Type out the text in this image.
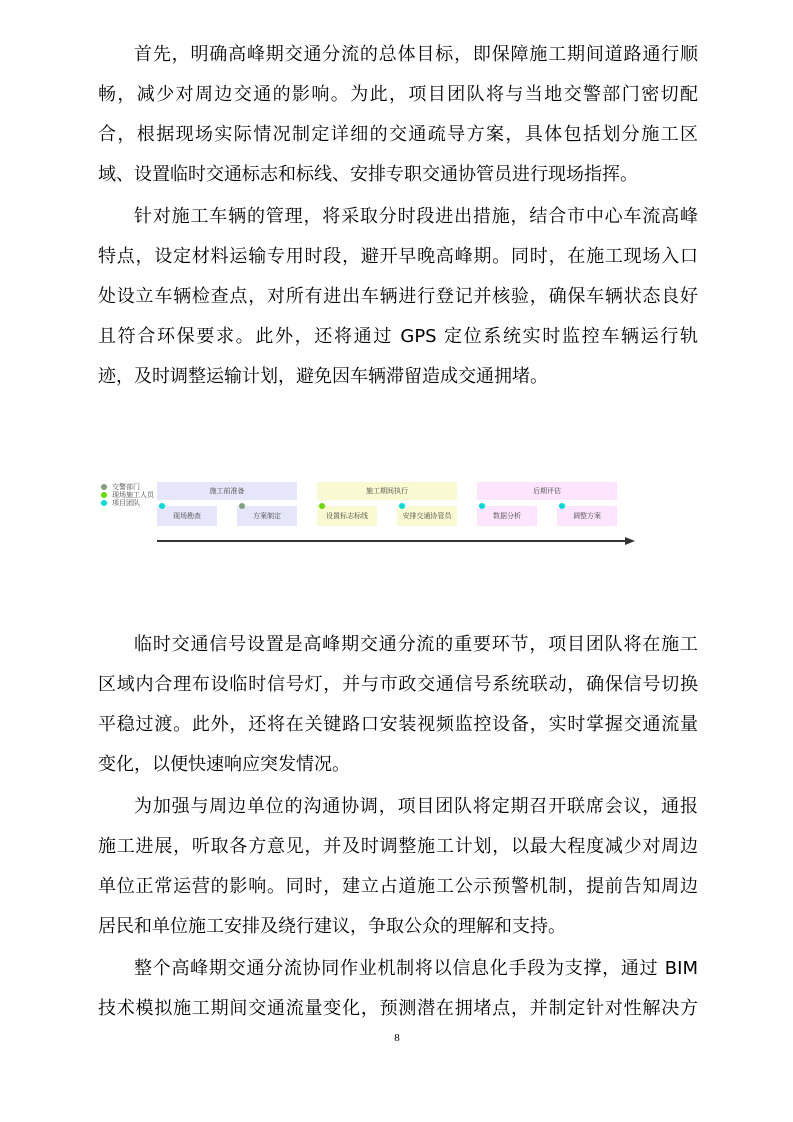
首先，明确高峰期交通分流的总体目标，即保障施工期间道路通行顺
畅，减少对周边交通的影响。为此，项目团队将与当地交警部门密切配
合，根据现场实际情况制定详细的交通疏导方案，具体包括划分施工区
域、设置临时交通标志和标线、安排专职交通协管员进行现场指挥。
针对施工车辆的管理，将采取分时段进出措施，结合市中心车流高峰
特点，设定材料运输专用时段，避开早晚高峰期。同时，在施工现场入口
处设立车辆检查点，对所有进出车辆进行登记并核验，确保车辆状态良好
且符合环保要求。此外，还将通过 GPS 定位系统实时监控车辆运行轨
迹，及时调整运输计划，避免因车辆滞留造成交通拥堵。
交警部门
现场施工人员
项目团队
施工前准备
现场勘查	方案制定
施工期间执行
设置标志标线	安排交通协管员
后期评估
数据分析	调整方案
临时交通信号设置是高峰期交通分流的重要环节，项目团队将在施工
区域内合理布设临时信号灯，并与市政交通信号系统联动，确保信号切换
平稳过渡。此外，还将在关键路口安装视频监控设备，实时掌握交通流量
变化，以便快速响应突发情况。
为加强与周边单位的沟通协调，项目团队将定期召开联席会议，通报
施工进展，听取各方意见，并及时调整施工计划，以最大程度减少对周边
单位正常运营的影响。同时，建立占道施工公示预警机制，提前告知周边
居民和单位施工安排及绕行建议，争取公众的理解和支持。
整个高峰期交通分流协同作业机制将以信息化手段为支撑，通过 BIM
技术模拟施工期间交通流量变化，预测潜在拥堵点，并制定针对性解决方
8
